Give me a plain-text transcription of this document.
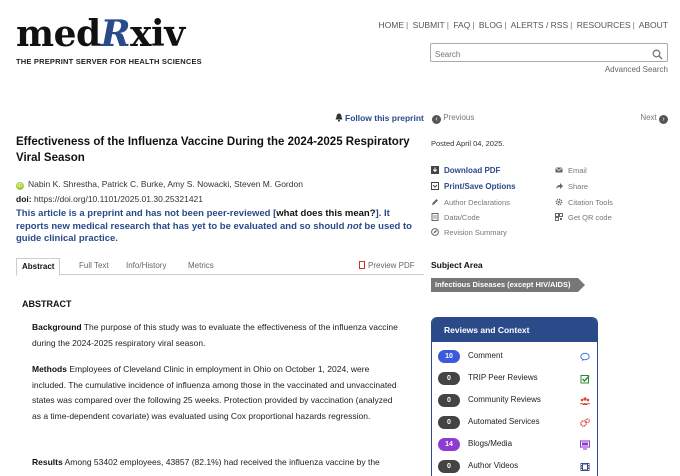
medRxiv
THE PREPRINT SERVER FOR HEALTH SCIENCES
HOME | SUBMIT | FAQ | BLOG | ALERTS / RSS | RESOURCES | ABOUT
Search
Advanced Search
Follow this preprint	‹ Previous	Next ›
Effectiveness of the Influenza Vaccine During the 2024-2025 Respiratory Viral Season
iD Nabin K. Shrestha, Patrick C. Burke, Amy S. Nowacki, Steven M. Gordon
doi: https://doi.org/10.1101/2025.01.30.25321421
This article is a preprint and has not been peer-reviewed [what does this mean?]. It reports new medical research that has yet to be evaluated and so should not be used to guide clinical practice.
Abstract	Full Text Info/History	Metrics	Preview PDF
ABSTRACT
Background The purpose of this study was to evaluate the effectiveness of the influenza vaccine during the 2024-2025 respiratory viral season.
Methods Employees of Cleveland Clinic in employment in Ohio on October 1, 2024, were included. The cumulative incidence of influenza among those in the vaccinated and unvaccinated states was compared over the following 25 weeks. Protection provided by vaccination (analyzed as a time-dependent covariate) was evaluated using Cox proportional hazards regression.
Results Among 53402 employees, 43857 (82.1%) had received the influenza vaccine by the
Posted April 04, 2025.
Download PDF
Print/Save Options
Author Declarations
Data/Code
Revision Summary
Email
Share
Citation Tools
Get QR code
Subject Area
Infectious Diseases (except HIV/AIDS)
Reviews and Context
10	Comment
0	TRIP Peer Reviews
0	Community Reviews
0	Automated Services
14	Blogs/Media
0	Author Videos
